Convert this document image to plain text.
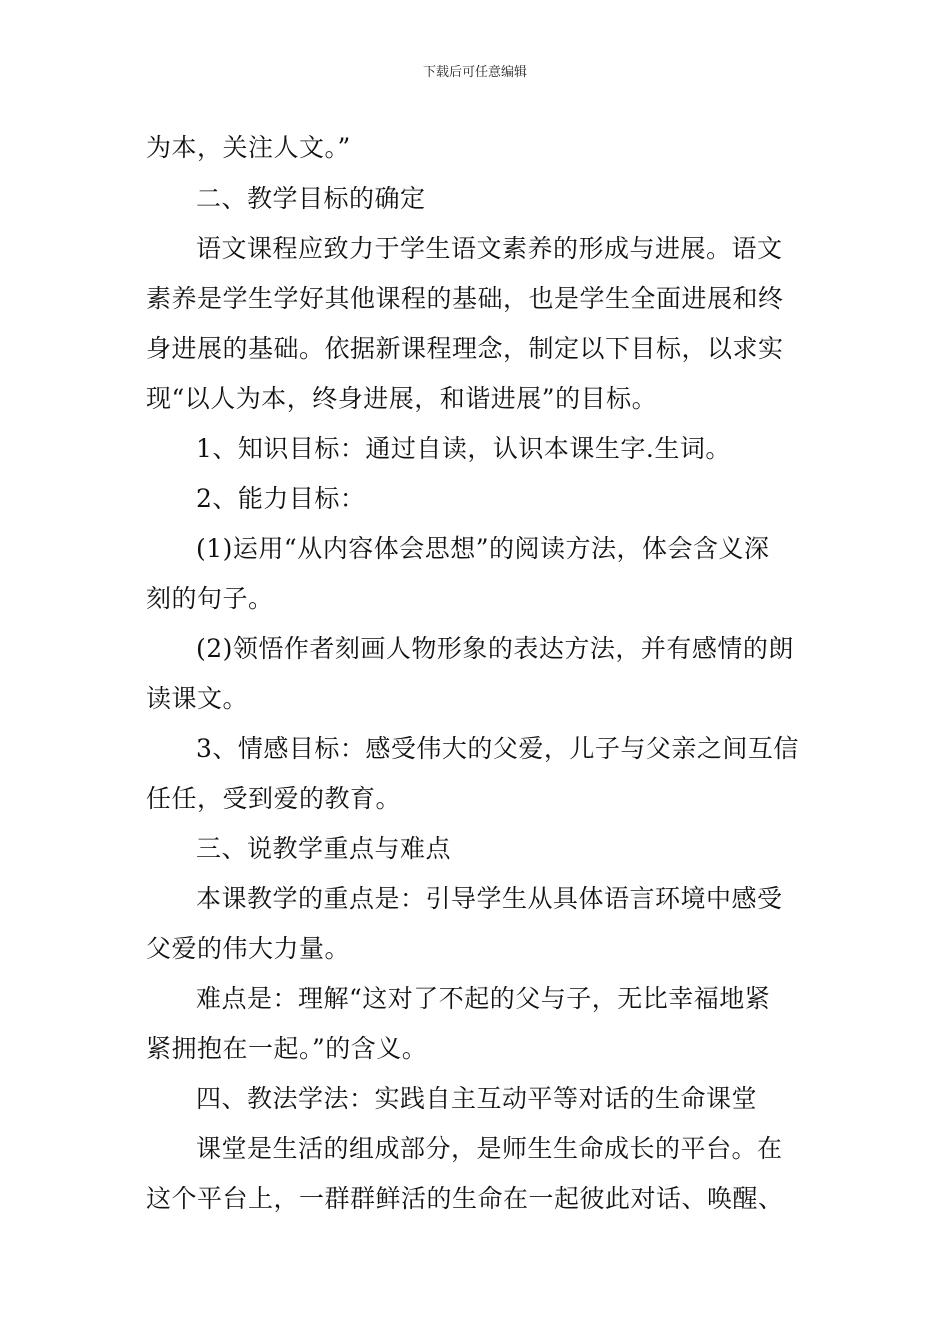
下载后可任意编辑
为本，关注人文。”
二、教学目标的确定
语文课程应致力于学生语文素养的形成与进展。语文
素养是学生学好其他课程的基础，也是学生全面进展和终
身进展的基础。依据新课程理念，制定以下目标，以求实
现“以人为本，终身进展，和谐进展”的目标。
1、知识目标：通过自读，认识本课生字.生词。
2、能力目标：
(1)运用“从内容体会思想”的阅读方法，体会含义深
刻的句子。
(2)领悟作者刻画人物形象的表达方法，并有感情的朗
读课文。
3、情感目标：感受伟大的父爱，儿子与父亲之间互信
任任，受到爱的教育。
三、说教学重点与难点
本课教学的重点是：引导学生从具体语言环境中感受
父爱的伟大力量。
难点是：理解“这对了不起的父与子，无比幸福地紧
紧拥抱在一起。”的含义。
四、教法学法：实践自主互动平等对话的生命课堂
课堂是生活的组成部分，是师生生命成长的平台。在
这个平台上，一群群鲜活的生命在一起彼此对话、唤醒、
